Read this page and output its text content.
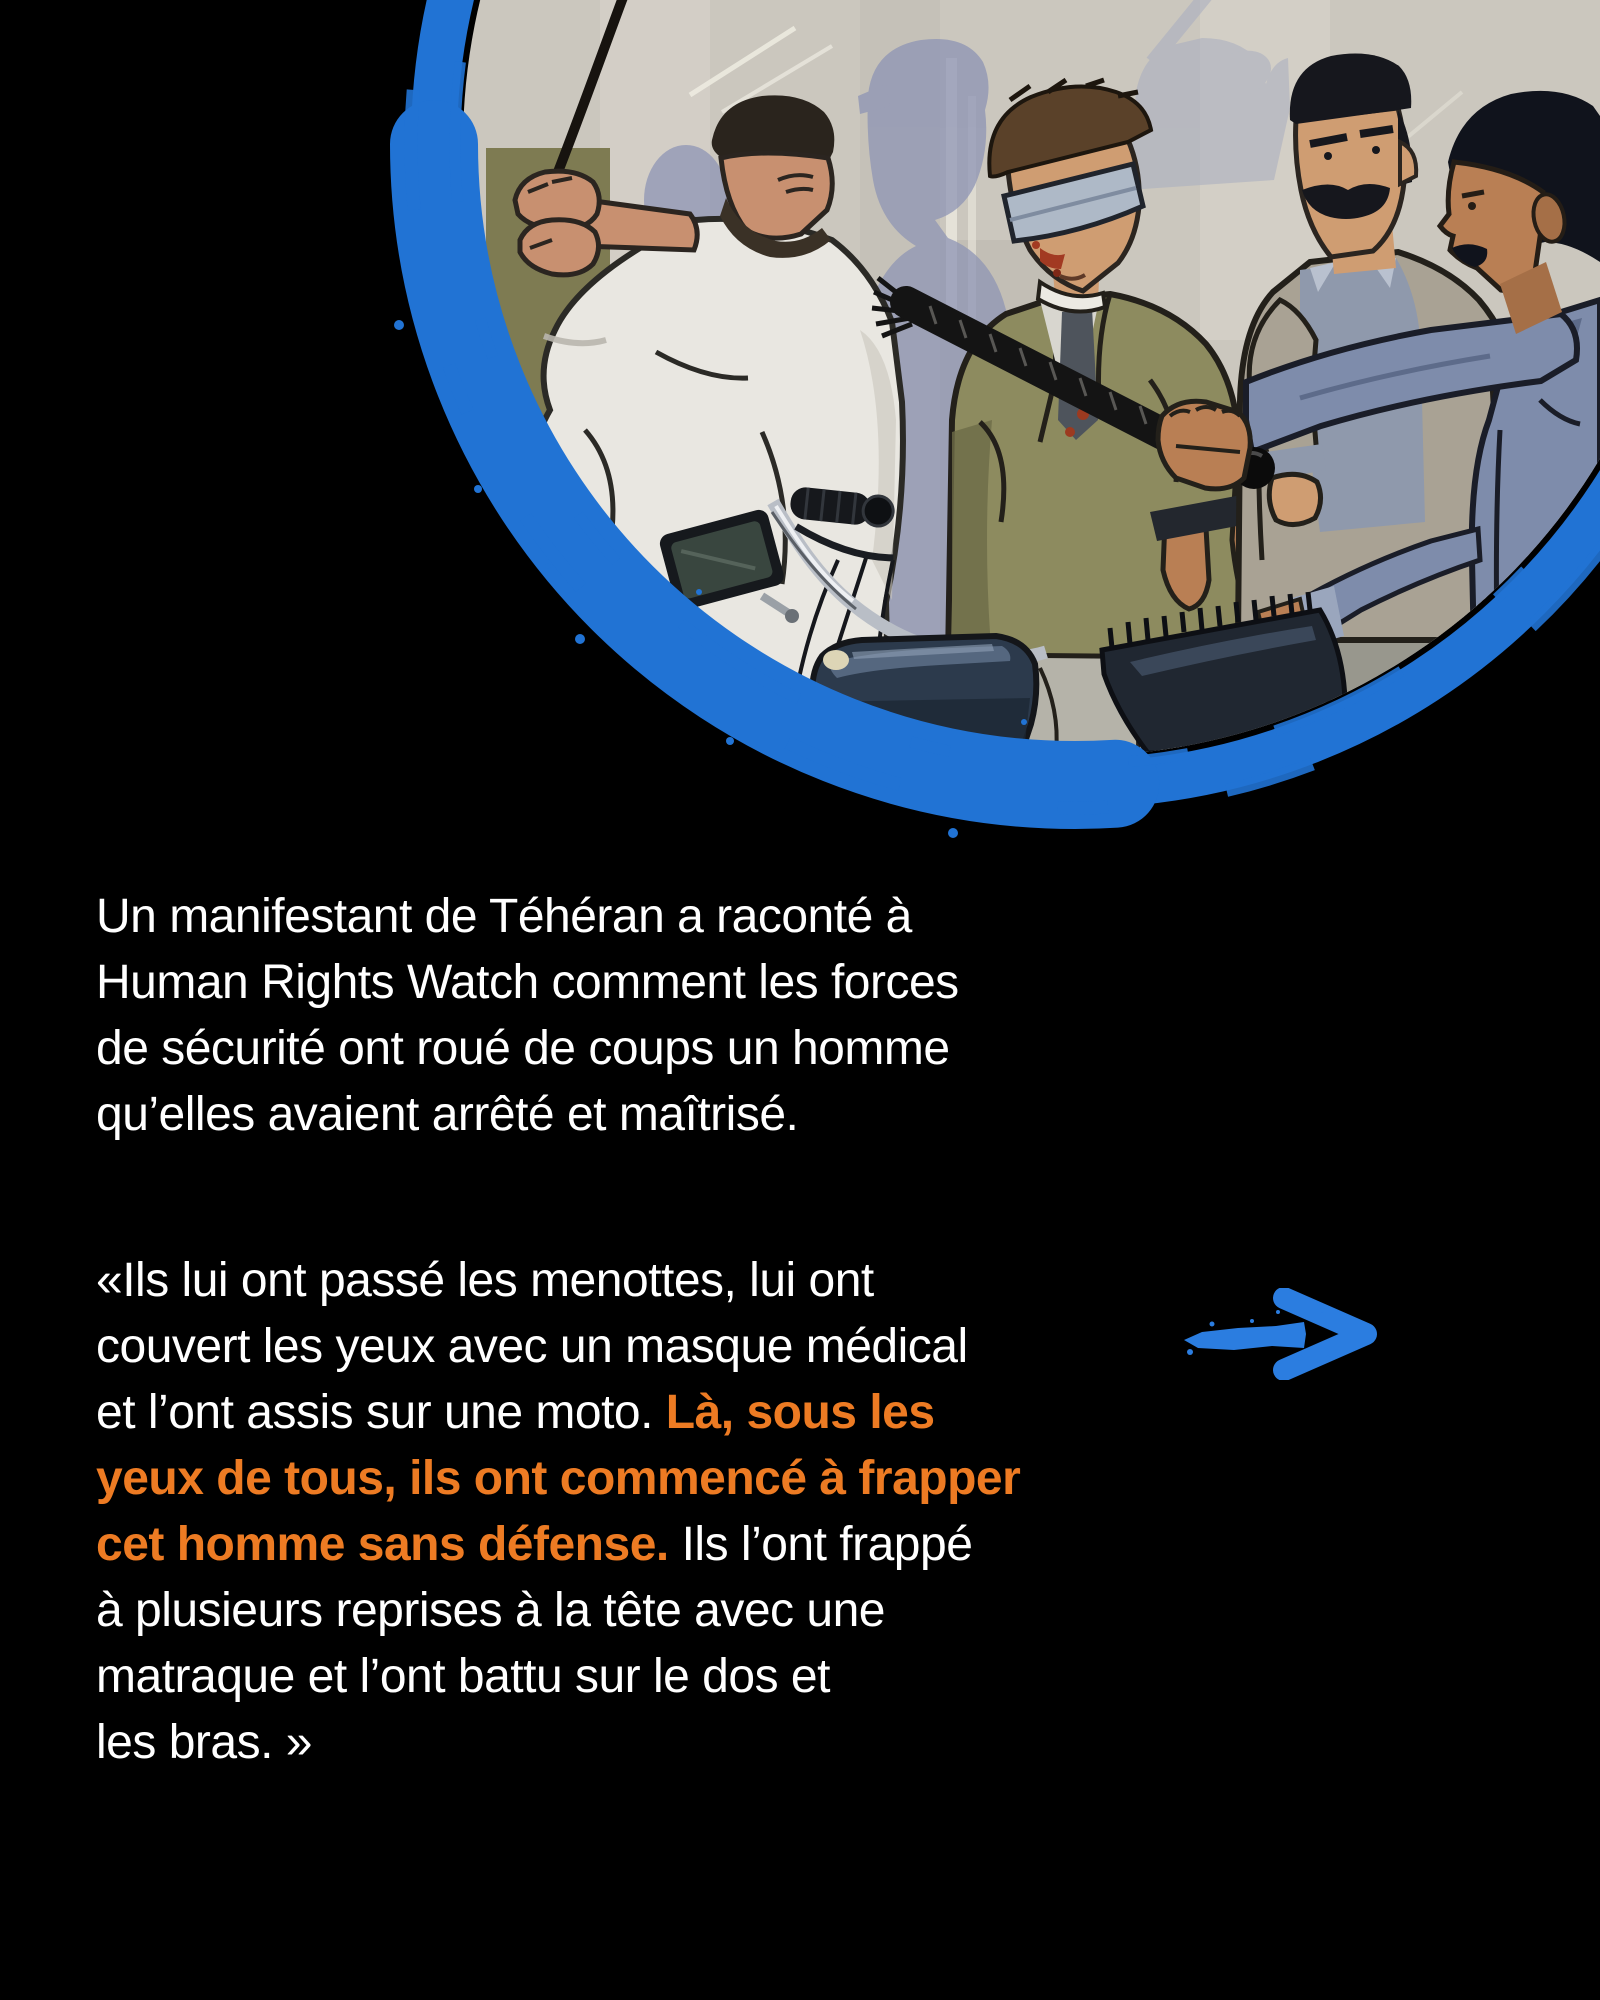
Un manifestant de Téhéran a raconté à
Human Rights Watch comment les forces
de sécurité ont roué de coups un homme
qu’elles avaient arrêté et maîtrisé.
«Ils lui ont passé les menottes, lui ont
couvert les yeux avec un masque médical
et l’ont assis sur une moto. Là, sous les
yeux de tous, ils ont commencé à frapper
cet homme sans défense. Ils l’ont frappé
à plusieurs reprises à la tête avec une
matraque et l’ont battu sur le dos et
les bras. »
